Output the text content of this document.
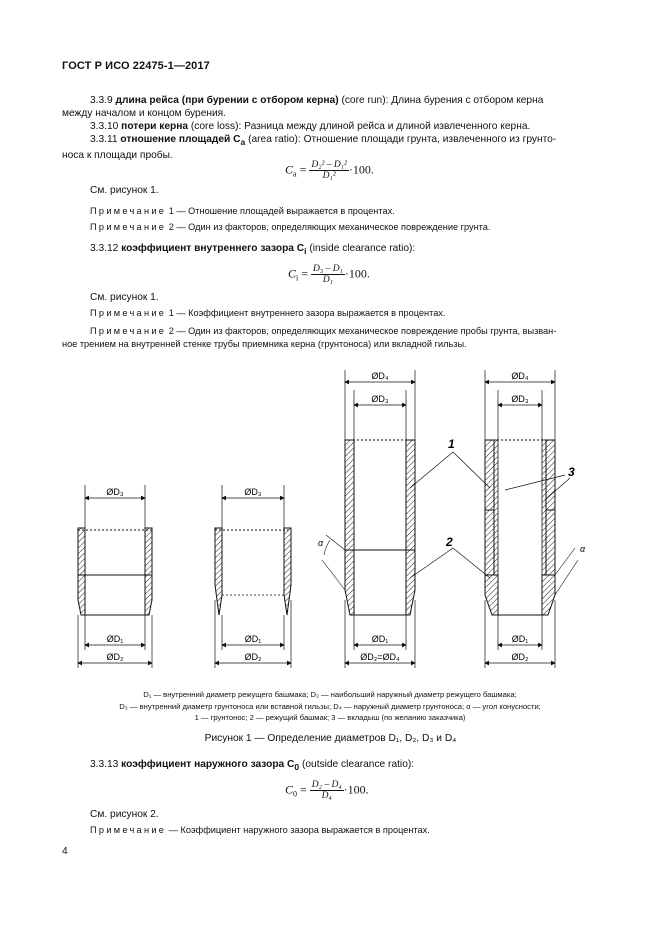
ГОСТ Р ИСО 22475-1—2017
3.3.9 длина рейса (при бурении с отбором керна) (core run): Длина бурения с отбором керна
между началом и концом бурения.
3.3.10 потери керна (core loss): Разница между длиной рейса и длиной извлеченного керна.
3.3.11 отношение площадей $C_a$ (area ratio): Отношение площади грунта, извлеченного из грунто-
носа к площади пробы.
$C_a = \frac{\text{D₂² – D₁²}}{\text{D₁²}} \cdot 100$.
См. рисунок 1.
Примечание 1 — Отношение площадей выражается в процентах.
Примечание 2 — Один из факторов, определяющих механическое повреждение грунта.
3.3.12 коэффициент внутреннего зазора $C_i$ (inside clearance ratio):
$C_i = \frac{\text{D₃ – D₁}}{\text{D₁}} \cdot 100$.
См. рисунок 1.
Примечание 1 — Коэффициент внутреннего зазора выражается в процентах.
Примечание 2 — Один из факторов, определяющих механическое повреждение пробы грунта, вызван-
ное трением на внутренней стенке трубы приемника керна (грунтоноса) или вкладной гильзы.
ØD₃
ØD₁
ØD₂
ØD₃
ØD₁
ØD₂
ØD₄
ØD₃
ØD₁
ØD₂=ØD₄
α
ØD₄
ØD₃
ØD₁
ØD₂
α
1
2
3
D₁ — внутренний диаметр режущего башмака; D₂ — наибольший наружный диаметр режущего башмака;
D₃ — внутренний диаметр грунтоноса или вставной гильзы; D₄ — наружный диаметр грунтоноса; α — угол конусности;
1 — грунтонос; 2 — режущий башмак; 3 — вкладыш (по желанию заказчика)
Рисунок 1 — Определение диаметров D₁, D₂, D₃ и D₄
3.3.13 коэффициент наружного зазора $C_0$ (outside clearance ratio):
$C_0 = \frac{\text{D₂ – D₄}}{\text{D₄}} \cdot 100$.
См. рисунок 2.
Примечание — Коэффициент наружного зазора выражается в процентах.
4
